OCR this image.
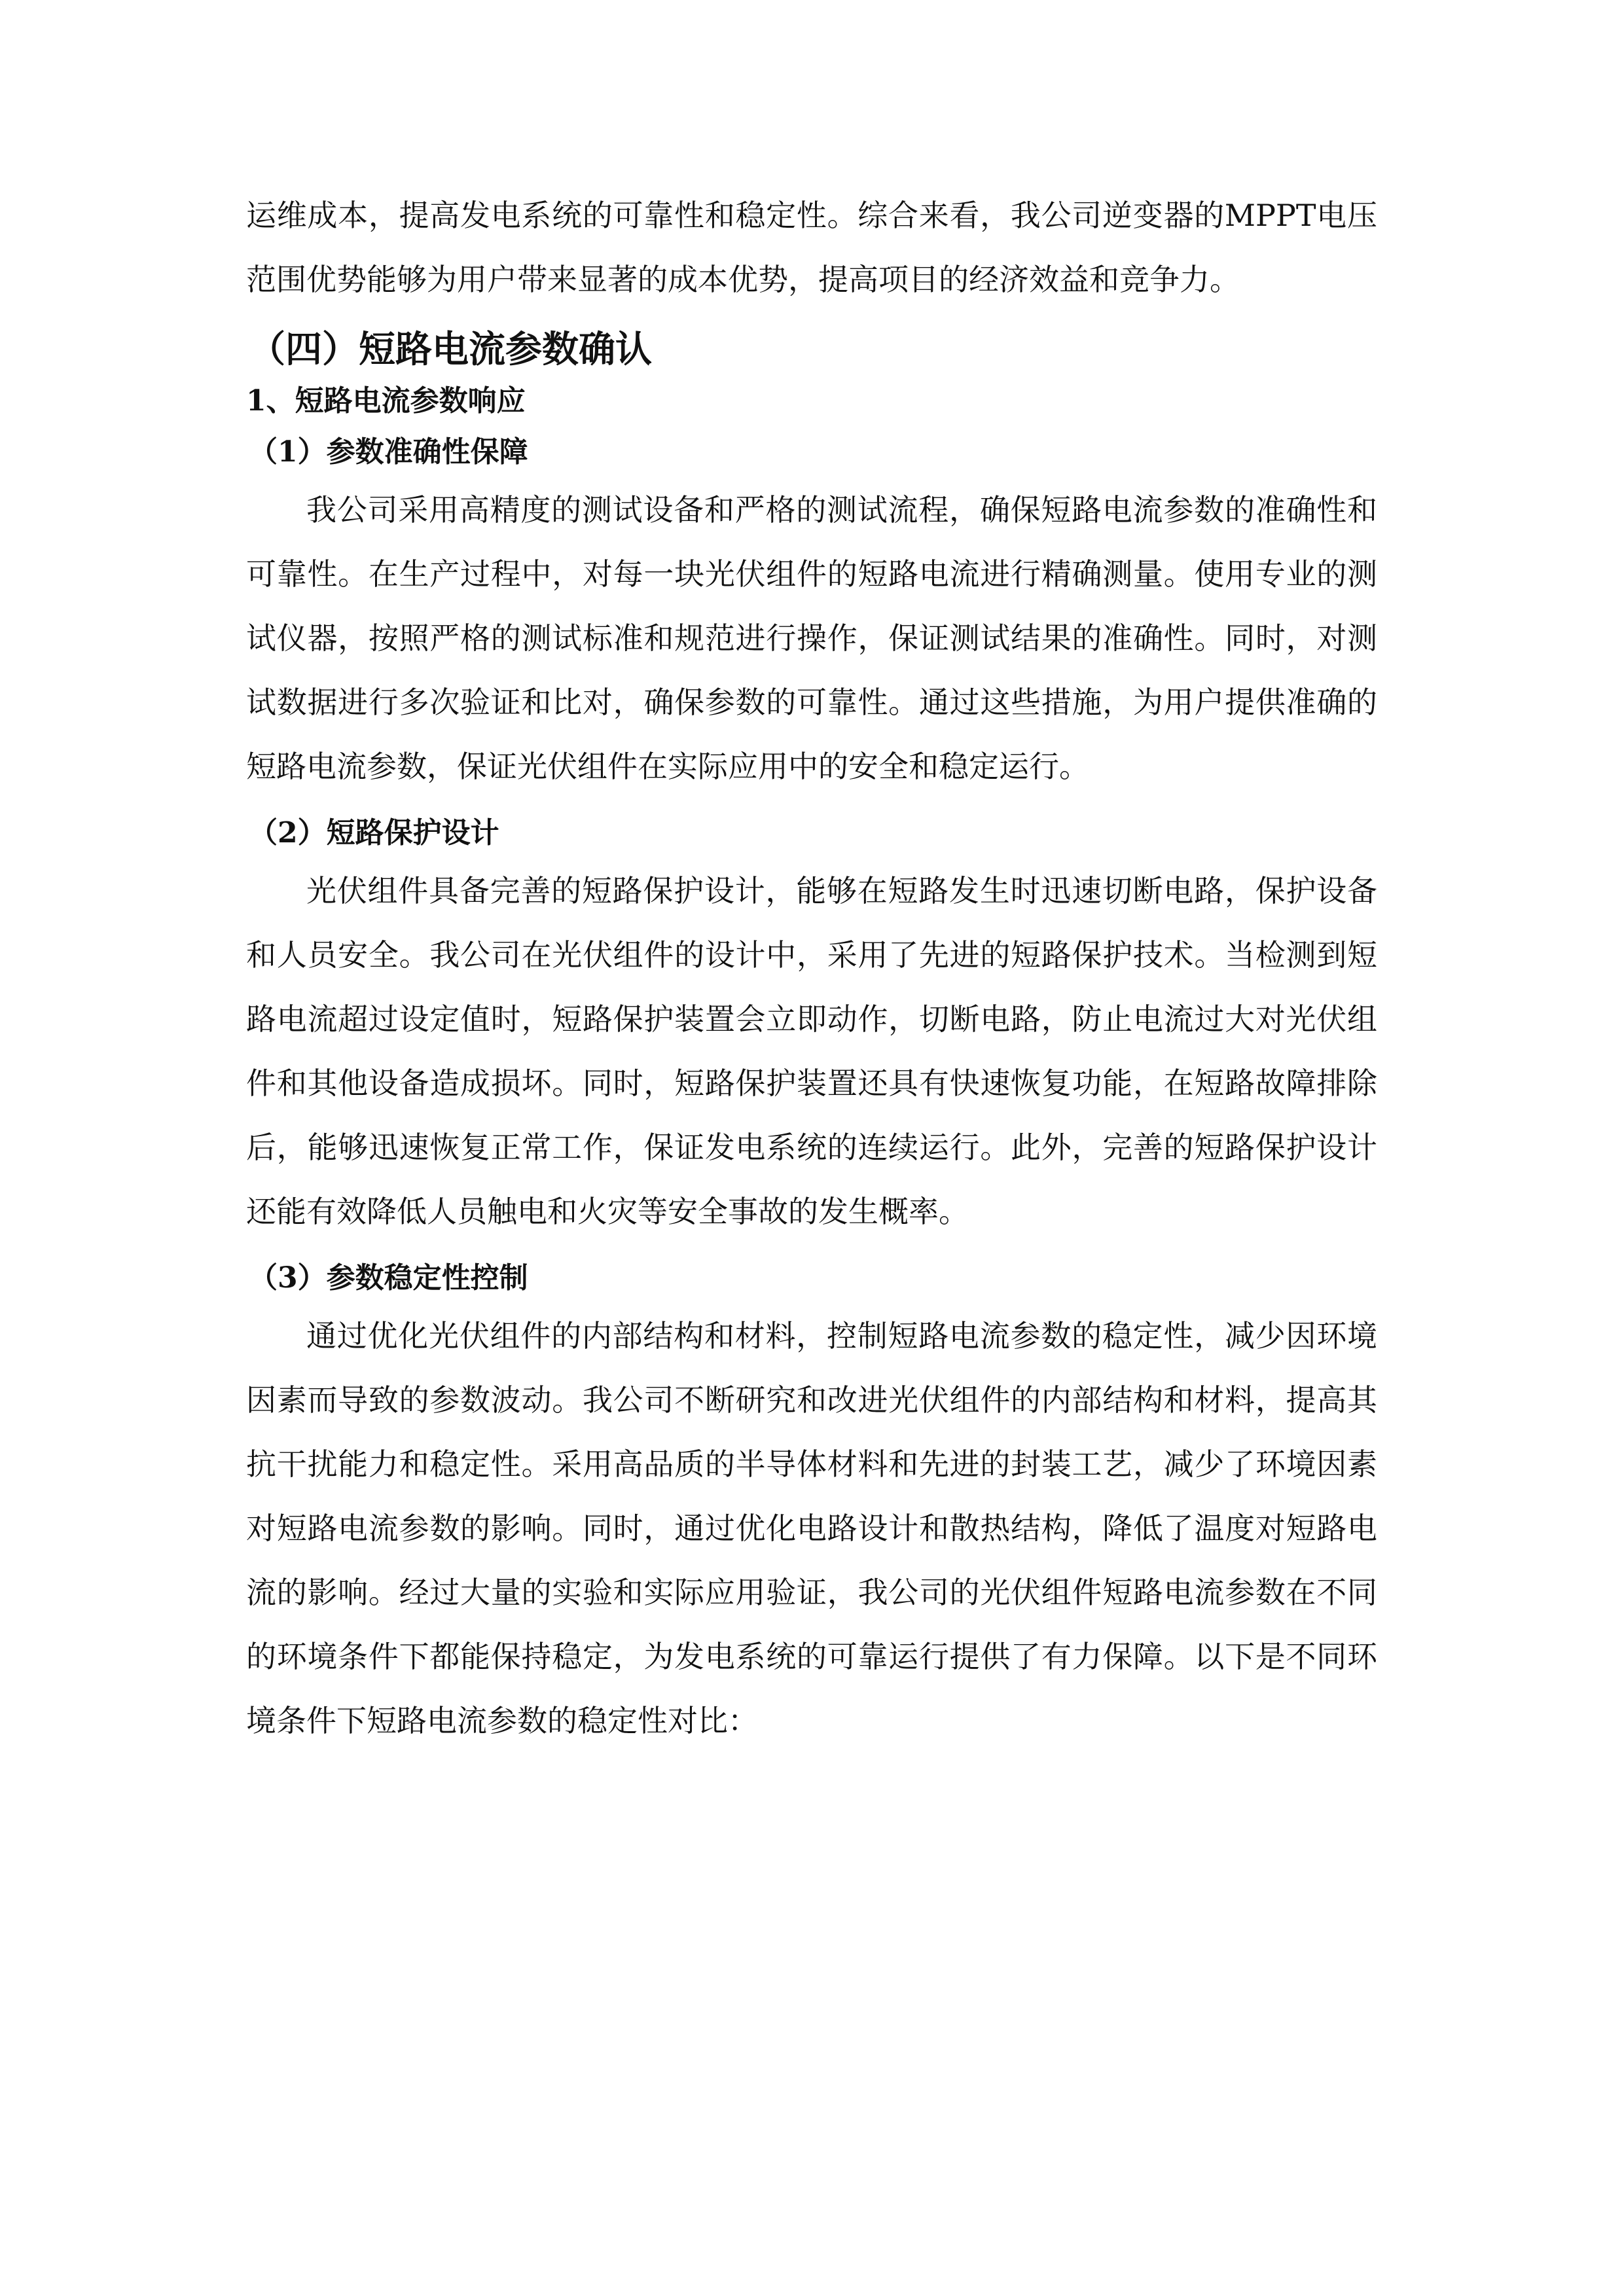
运维成本，提高发电系统的可靠性和稳定性。综合来看，我公司逆变器的MPPT电压范围优势能够为用户带来显著的成本优势，提高项目的经济效益和竞争力。

（四）短路电流参数确认
1、短路电流参数响应
（1）参数准确性保障

我公司采用高精度的测试设备和严格的测试流程，确保短路电流参数的准确性和可靠性。在生产过程中，对每一块光伏组件的短路电流进行精确测量。使用专业的测试仪器，按照严格的测试标准和规范进行操作，保证测试结果的准确性。同时，对测试数据进行多次验证和比对，确保参数的可靠性。通过这些措施，为用户提供准确的短路电流参数，保证光伏组件在实际应用中的安全和稳定运行。

（2）短路保护设计

光伏组件具备完善的短路保护设计，能够在短路发生时迅速切断电路，保护设备和人员安全。我公司在光伏组件的设计中，采用了先进的短路保护技术。当检测到短路电流超过设定值时，短路保护装置会立即动作，切断电路，防止电流过大对光伏组件和其他设备造成损坏。同时，短路保护装置还具有快速恢复功能，在短路故障排除后，能够迅速恢复正常工作，保证发电系统的连续运行。此外，完善的短路保护设计还能有效降低人员触电和火灾等安全事故的发生概率。

（3）参数稳定性控制

通过优化光伏组件的内部结构和材料，控制短路电流参数的稳定性，减少因环境因素而导致的参数波动。我公司不断研究和改进光伏组件的内部结构和材料，提高其抗干扰能力和稳定性。采用高品质的半导体材料和先进的封装工艺，减少了环境因素对短路电流参数的影响。同时，通过优化电路设计和散热结构，降低了温度对短路电流的影响。经过大量的实验和实际应用验证，我公司的光伏组件短路电流参数在不同的环境条件下都能保持稳定，为发电系统的可靠运行提供了有力保障。以下是不同环境条件下短路电流参数的稳定性对比：
